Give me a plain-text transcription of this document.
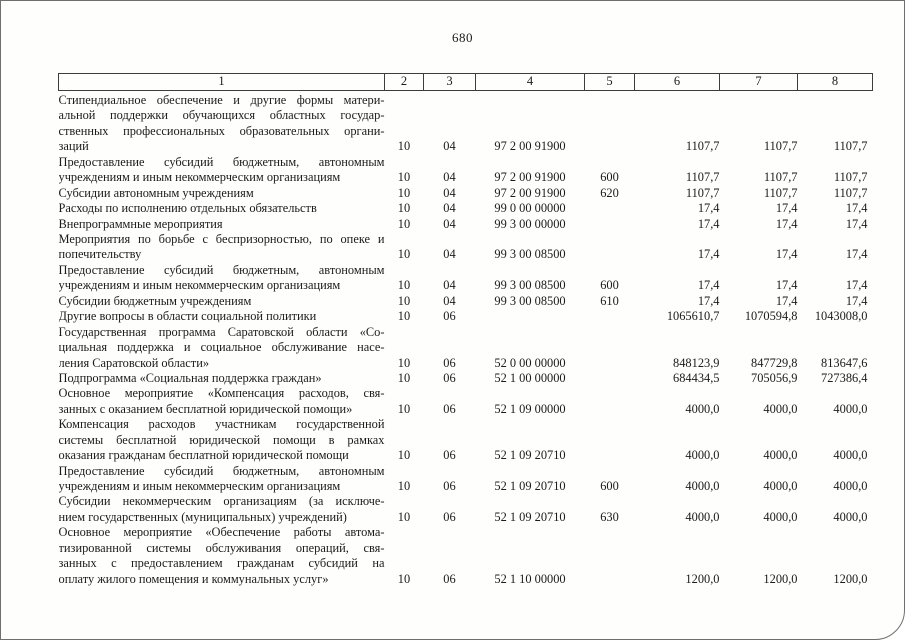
680
1	2	3	4	5	6	7	8

Стипендиальное обеспечение и другие формы матери-
альной поддержки обучающихся областных государ-
ственных профессиональных образовательных органи-
заций	10	04	97 2 00 91900		1107,7	1107,7	1107,7

Предоставление субсидий бюджетным, автономным
учреждениям и иным некоммерческим организациям	10	04	97 2 00 91900	600	1107,7	1107,7	1107,7

Субсидии автономным учреждениям	10	04	97 2 00 91900	620	1107,7	1107,7	1107,7

Расходы по исполнению отдельных обязательств	10	04	99 0 00 00000		17,4	17,4	17,4

Внепрограммные мероприятия	10	04	99 3 00 00000		17,4	17,4	17,4

Мероприятия по борьбе с беспризорностью, по опеке и
попечительству	10	04	99 3 00 08500		17,4	17,4	17,4

Предоставление субсидий бюджетным, автономным
учреждениям и иным некоммерческим организациям	10	04	99 3 00 08500	600	17,4	17,4	17,4

Субсидии бюджетным учреждениям	10	04	99 3 00 08500	610	17,4	17,4	17,4

Другие вопросы в области социальной политики	10	06			1065610,7	1070594,8	1043008,0

Государственная программа Саратовской области «Со-
циальная поддержка и социальное обслуживание насе-
ления Саратовской области»	10	06	52 0 00 00000		848123,9	847729,8	813647,6

Подпрограмма «Социальная поддержка граждан»	10	06	52 1 00 00000		684434,5	705056,9	727386,4

Основное мероприятие «Компенсация расходов, свя-
занных с оказанием бесплатной юридической помощи»	10	06	52 1 09 00000		4000,0	4000,0	4000,0

Компенсация расходов участникам государственной
системы бесплатной юридической помощи в рамках
оказания гражданам бесплатной юридической помощи	10	06	52 1 09 20710		4000,0	4000,0	4000,0

Предоставление субсидий бюджетным, автономным
учреждениям и иным некоммерческим организациям	10	06	52 1 09 20710	600	4000,0	4000,0	4000,0

Субсидии некоммерческим организациям (за исключе-
нием государственных (муниципальных) учреждений)	10	06	52 1 09 20710	630	4000,0	4000,0	4000,0

Основное мероприятие «Обеспечение работы автома-
тизированной системы обслуживания операций, свя-
занных с предоставлением гражданам субсидий на
оплату жилого помещения и коммунальных услуг»	10	06	52 1 10 00000		1200,0	1200,0	1200,0
